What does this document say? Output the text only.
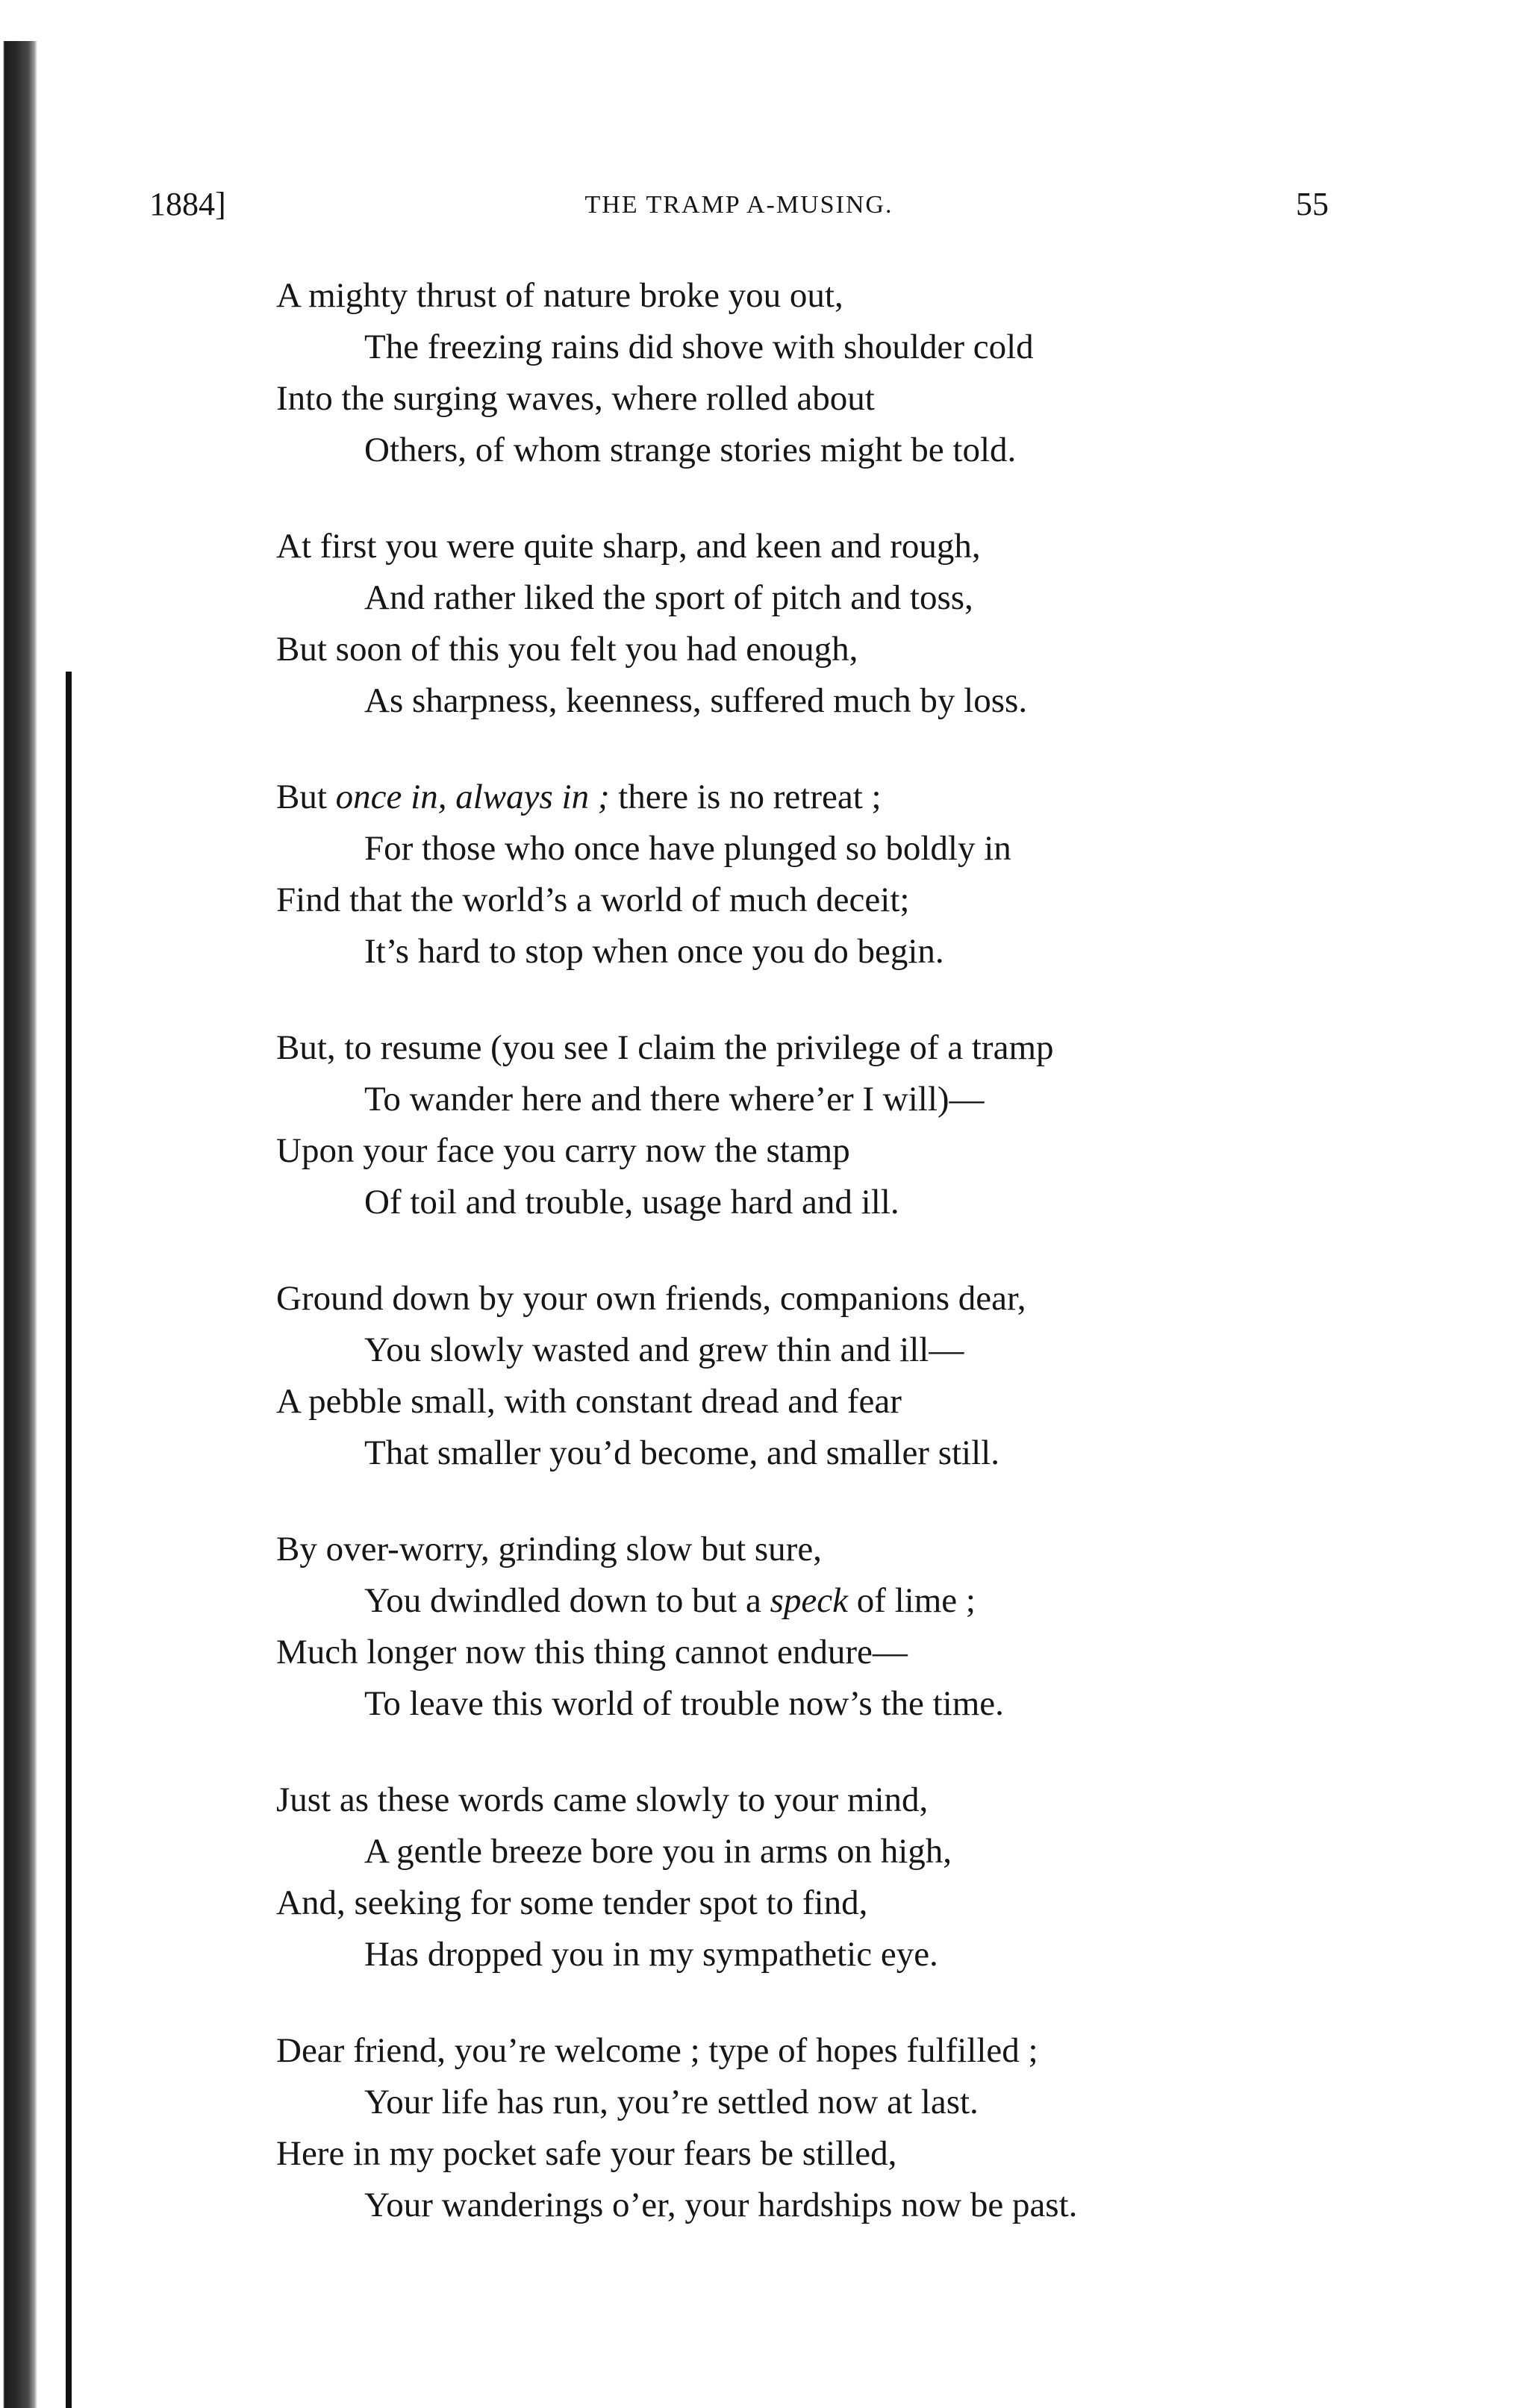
1884]	THE TRAMP A-MUSING.	55
A mighty thrust of nature broke you out,
The freezing rains did shove with shoulder cold
Into the surging waves, where rolled about
Others, of whom strange stories might be told.
At first you were quite sharp, and keen and rough,
And rather liked the sport of pitch and toss,
But soon of this you felt you had enough,
As sharpness, keenness, suffered much by loss.
But once in, always in ; there is no retreat ;
For those who once have plunged so boldly in
Find that the world’s a world of much deceit;
It’s hard to stop when once you do begin.
But, to resume (you see I claim the privilege of a tramp
To wander here and there where’er I will)—
Upon your face you carry now the stamp
Of toil and trouble, usage hard and ill.
Ground down by your own friends, companions dear,
You slowly wasted and grew thin and ill—
A pebble small, with constant dread and fear
That smaller you’d become, and smaller still.
By over-worry, grinding slow but sure,
You dwindled down to but a speck of lime ;
Much longer now this thing cannot endure—
To leave this world of trouble now’s the time.
Just as these words came slowly to your mind,
A gentle breeze bore you in arms on high,
And, seeking for some tender spot to find,
Has dropped you in my sympathetic eye.
Dear friend, you’re welcome ; type of hopes fulfilled ;
Your life has run, you’re settled now at last.
Here in my pocket safe your fears be stilled,
Your wanderings o’er, your hardships now be past.
